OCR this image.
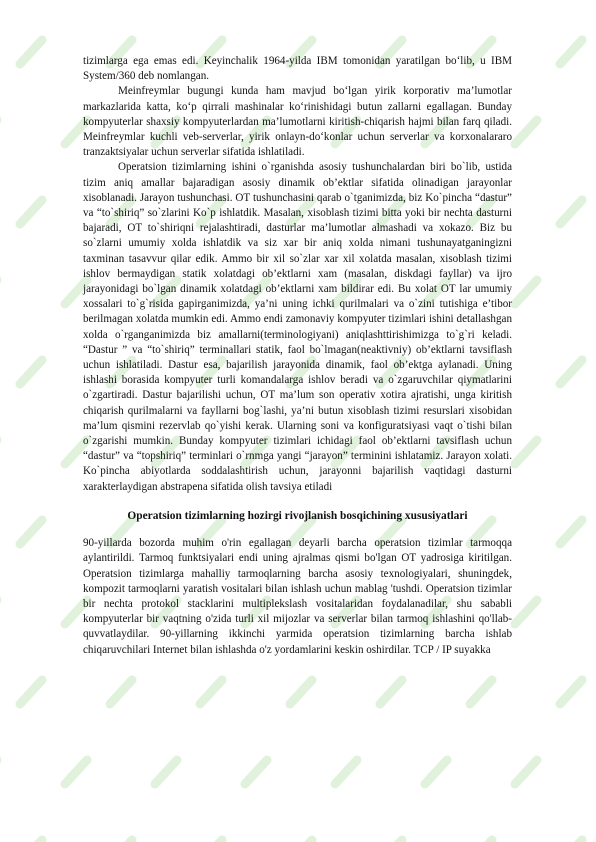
tizimlarga ega emas edi. Keyinchalik 1964-yilda IBM tomonidan yaratilgan bo‘lib, u IBM System/360 deb nomlangan.

Meinfreymlar bugungi kunda ham mavjud bo‘lgan yirik korporativ ma’lumotlar markazlarida katta, ko‘p qirrali mashinalar ko‘rinishidagi butun zallarni egallagan. Bunday kompyuterlar shaxsiy kompyuterlardan ma’lumotlarni kiritish-chiqarish hajmi bilan farq qiladi. Meinfreymlar kuchli veb-serverlar, yirik onlayn-do‘konlar uchun serverlar va korxonalararo tranzaktsiyalar uchun serverlar sifatida ishlatiladi.

Operatsion tizimlarning ishini o`rganishda asosiy tushunchalardan biri bo`lib, ustida tizim aniq amallar bajaradigan asosiy dinamik ob’ektlar sifatida olinadigan jarayonlar xisoblanadi. Jarayon tushunchasi. OT tushunchasini qarab o`tganimizda, biz Ko`pincha “dastur” va “to`shiriq” so`zlarini Ko`p ishlatdik. Masalan, xisoblash tizimi bitta yoki bir nechta dasturni bajaradi, OT to`shiriqni rejalashtiradi, dasturlar ma’lumotlar almashadi va xokazo. Biz bu so`zlarni umumiy xolda ishlatdik va siz xar bir aniq xolda nimani tushunayatganingizni taxminan tasavvur qilar edik. Ammo bir xil so`zlar xar xil xolatda masalan, xisoblash tizimi ishlov bermaydigan statik xolatdagi ob’ektlarni xam (masalan, diskdagi fayllar) va ijro jarayonidagi bo`lgan dinamik xolatdagi ob’ektlarni xam bildirar edi. Bu xolat OT lar umumiy xossalari to`g`risida gapirganimizda, ya’ni uning ichki qurilmalari va o`zini tutishiga e’tibor berilmagan xolatda mumkin edi. Ammo endi zamonaviy kompyuter tizimlari ishini detallashgan xolda o`rganganimizda biz amallarni(terminologiyani) aniqlashttirishimizga to`g`ri keladi. “Dastur ” va “to`shiriq” terminallari statik, faol bo`lmagan(neaktivniy) ob’ektlarni tavsiflash uchun ishlatiladi. Dastur esa, bajarilish jarayonida dinamik, faol ob’ektga aylanadi. Uning ishlashi borasida kompyuter turli komandalarga ishlov beradi va o`zgaruvchilar qiymatlarini o`zgartiradi. Dastur bajarilishi uchun, OT ma’lum son operativ xotira ajratishi, unga kiritish chiqarish qurilmalarni va fayllarni bog`lashi, ya’ni butun xisoblash tizimi resurslari xisobidan ma’lum qismini rezervlab qo`yishi kerak. Ularning soni va konfiguratsiyasi vaqt o`tishi bilan o`zgarishi mumkin. Bunday kompyuter tizimlari ichidagi faol ob’ektlarni tavsiflash uchun “dastur” va “topshiriq” terminlari o`rnmga yangi “jarayon” terminini ishlatamiz. Jarayon xolati. Ko`pincha abiyotlarda soddalashtirish uchun, jarayonni bajarilish vaqtidagi dasturni xarakterlaydigan abstrapena sifatida olish tavsiya etiladi

Operatsion tizimlarning hozirgi rivojlanish bosqichining xususiyatlari

90-yillarda bozorda muhim o'rin egallagan deyarli barcha operatsion tizimlar tarmoqqa aylantirildi. Tarmoq funktsiyalari endi uning ajralmas qismi bo'lgan OT yadrosiga kiritilgan. Operatsion tizimlarga mahalliy tarmoqlarning barcha asosiy texnologiyalari, shuningdek, kompozit tarmoqlarni yaratish vositalari bilan ishlash uchun mablag 'tushdi. Operatsion tizimlar bir nechta protokol stacklarini multiplekslash vositalaridan foydalanadilar, shu sababli kompyuterlar bir vaqtning o'zida turli xil mijozlar va serverlar bilan tarmoq ishlashini qo'llab-quvvatlaydilar. 90-yillarning ikkinchi yarmida operatsion tizimlarning barcha ishlab chiqaruvchilari Internet bilan ishlashda o'z yordamlarini keskin oshirdilar. TCP / IP suyakka
